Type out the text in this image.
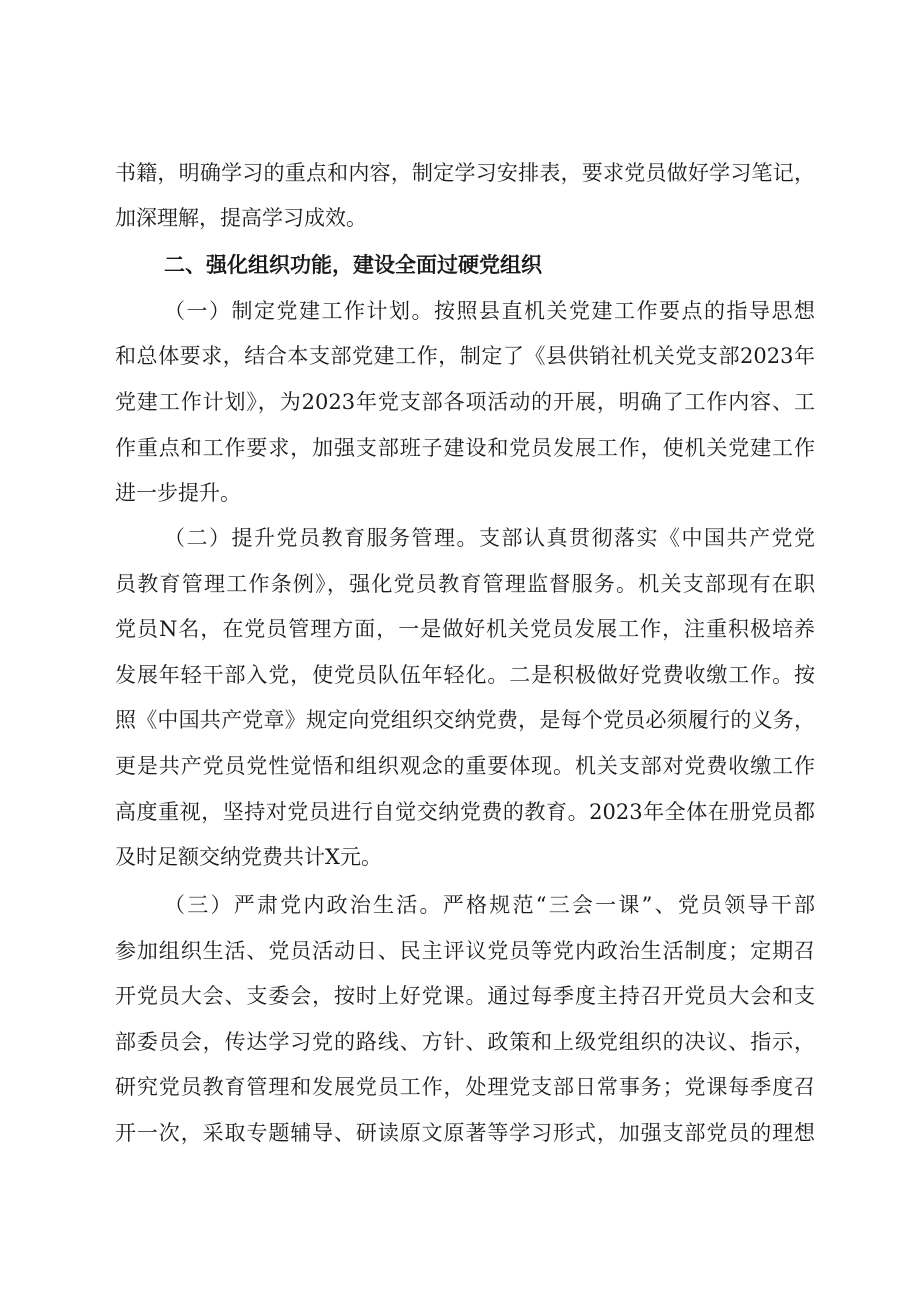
书籍，明确学习的重点和内容，制定学习安排表，要求党员做好学习笔记，
加深理解，提高学习成效。
二、强化组织功能，建设全面过硬党组织
（一）制定党建工作计划。按照县直机关党建工作要点的指导思想
和总体要求，结合本支部党建工作，制定了《县供销社机关党支部2023年
党建工作计划》，为2023年党支部各项活动的开展，明确了工作内容、工
作重点和工作要求，加强支部班子建设和党员发展工作，使机关党建工作
进一步提升。
（二）提升党员教育服务管理。支部认真贯彻落实《中国共产党党
员教育管理工作条例》，强化党员教育管理监督服务。机关支部现有在职
党员N名，在党员管理方面，一是做好机关党员发展工作，注重积极培养
发展年轻干部入党，使党员队伍年轻化。二是积极做好党费收缴工作。按
照《中国共产党章》规定向党组织交纳党费，是每个党员必须履行的义务，
更是共产党员党性觉悟和组织观念的重要体现。机关支部对党费收缴工作
高度重视，坚持对党员进行自觉交纳党费的教育。2023年全体在册党员都
及时足额交纳党费共计X元。
（三）严肃党内政治生活。严格规范“三会一课”、党员领导干部
参加组织生活、党员活动日、民主评议党员等党内政治生活制度；定期召
开党员大会、支委会，按时上好党课。通过每季度主持召开党员大会和支
部委员会，传达学习党的路线、方针、政策和上级党组织的决议、指示，
研究党员教育管理和发展党员工作，处理党支部日常事务；党课每季度召
开一次，采取专题辅导、研读原文原著等学习形式，加强支部党员的理想
